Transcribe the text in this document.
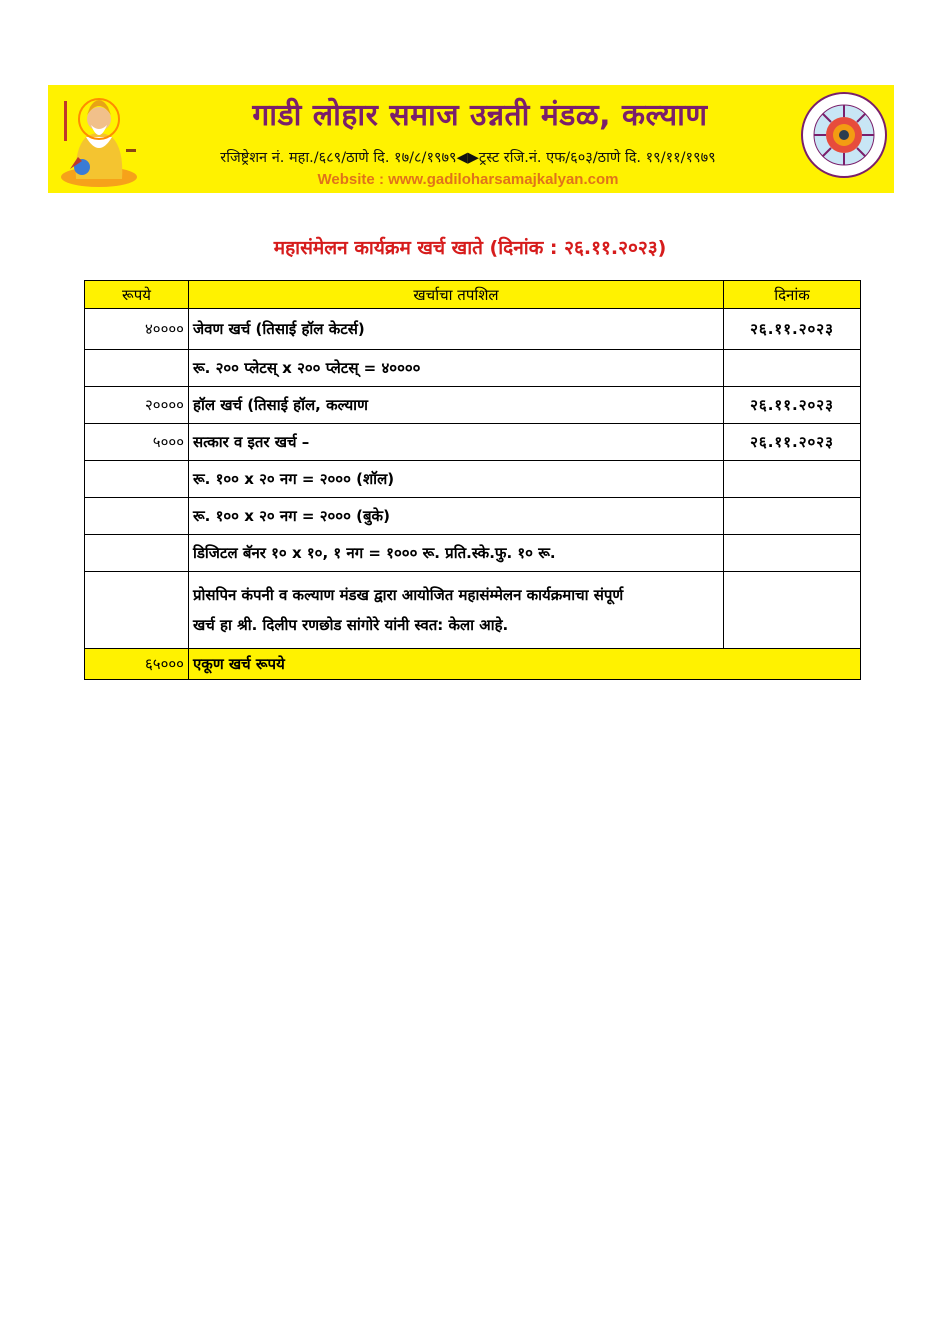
गाडी लोहार समाज उन्नती मंडळ, कल्याण
रजिष्ट्रेशन नं. महा./६८९/ठाणे दि. १७/८/१९७९◀▶ट्रस्ट रजि.नं. एफ/६०३/ठाणे दि. १९/११/१९७९
Website : www.gadiloharsamajkalyan.com
महासंमेलन कार्यक्रम खर्च खाते (दिनांक : २६.११.२०२३)
रूपये	खर्चाचा तपशिल	दिनांक
४००००	जेवण खर्च (तिसाई हॉल केटर्स)	२६.११.२०२३
	रू. २०० प्लेटस् x २०० प्लेटस् = ४००००	
२००००	हॉल खर्च (तिसाई हॉल, कल्याण	२६.११.२०२३
५०००	सत्कार व इतर खर्च –	२६.११.२०२३
	रू. १०० x २० नग = २००० (शॉल)	
	रू. १०० x २० नग = २००० (बुके)	
	डिजिटल बॅनर १० x १०, १ नग = १००० रू. प्रति.स्के.फु. १० रू.	

	प्रोसपिन कंपनी व कल्याण मंडख द्वारा आयोजित महासंम्मेलन कार्यक्रमाचा संपूर्ण
खर्च हा श्री. दिलीप रणछोड सांगोरे यांनी स्वत: केला आहे.	

६५०००	एकूण खर्च रूपये	
